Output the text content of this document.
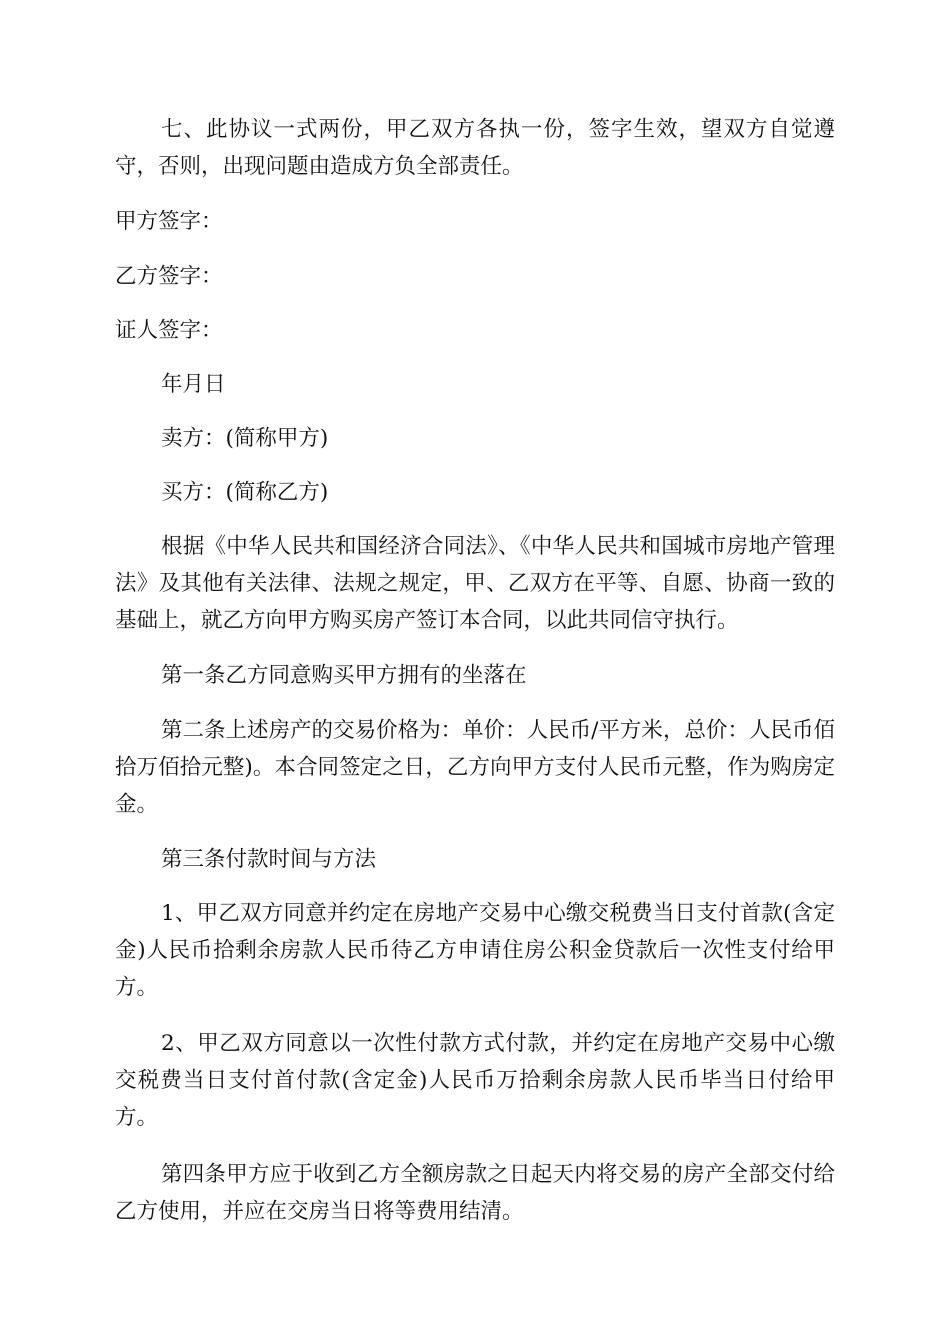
七、此协议一式两份，甲乙双方各执一份，签字生效，望双方自觉遵守，否则，出现问题由造成方负全部责任。

甲方签字：

乙方签字：

证人签字：

年月日

卖方：(简称甲方)

买方：(简称乙方)

根据《中华人民共和国经济合同法》、《中华人民共和国城市房地产管理法》及其他有关法律、法规之规定，甲、乙双方在平等、自愿、协商一致的基础上，就乙方向甲方购买房产签订本合同，以此共同信守执行。

第一条乙方同意购买甲方拥有的坐落在

第二条上述房产的交易价格为：单价：人民币/平方米，总价：人民币佰拾万佰拾元整)。本合同签定之日，乙方向甲方支付人民币元整，作为购房定金。

第三条付款时间与方法

1、甲乙双方同意并约定在房地产交易中心缴交税费当日支付首款(含定金)人民币拾剩余房款人民币待乙方申请住房公积金贷款后一次性支付给甲方。

2、甲乙双方同意以一次性付款方式付款，并约定在房地产交易中心缴交税费当日支付首付款(含定金)人民币万拾剩余房款人民币毕当日付给甲方。

第四条甲方应于收到乙方全额房款之日起天内将交易的房产全部交付给乙方使用，并应在交房当日将等费用结清。
